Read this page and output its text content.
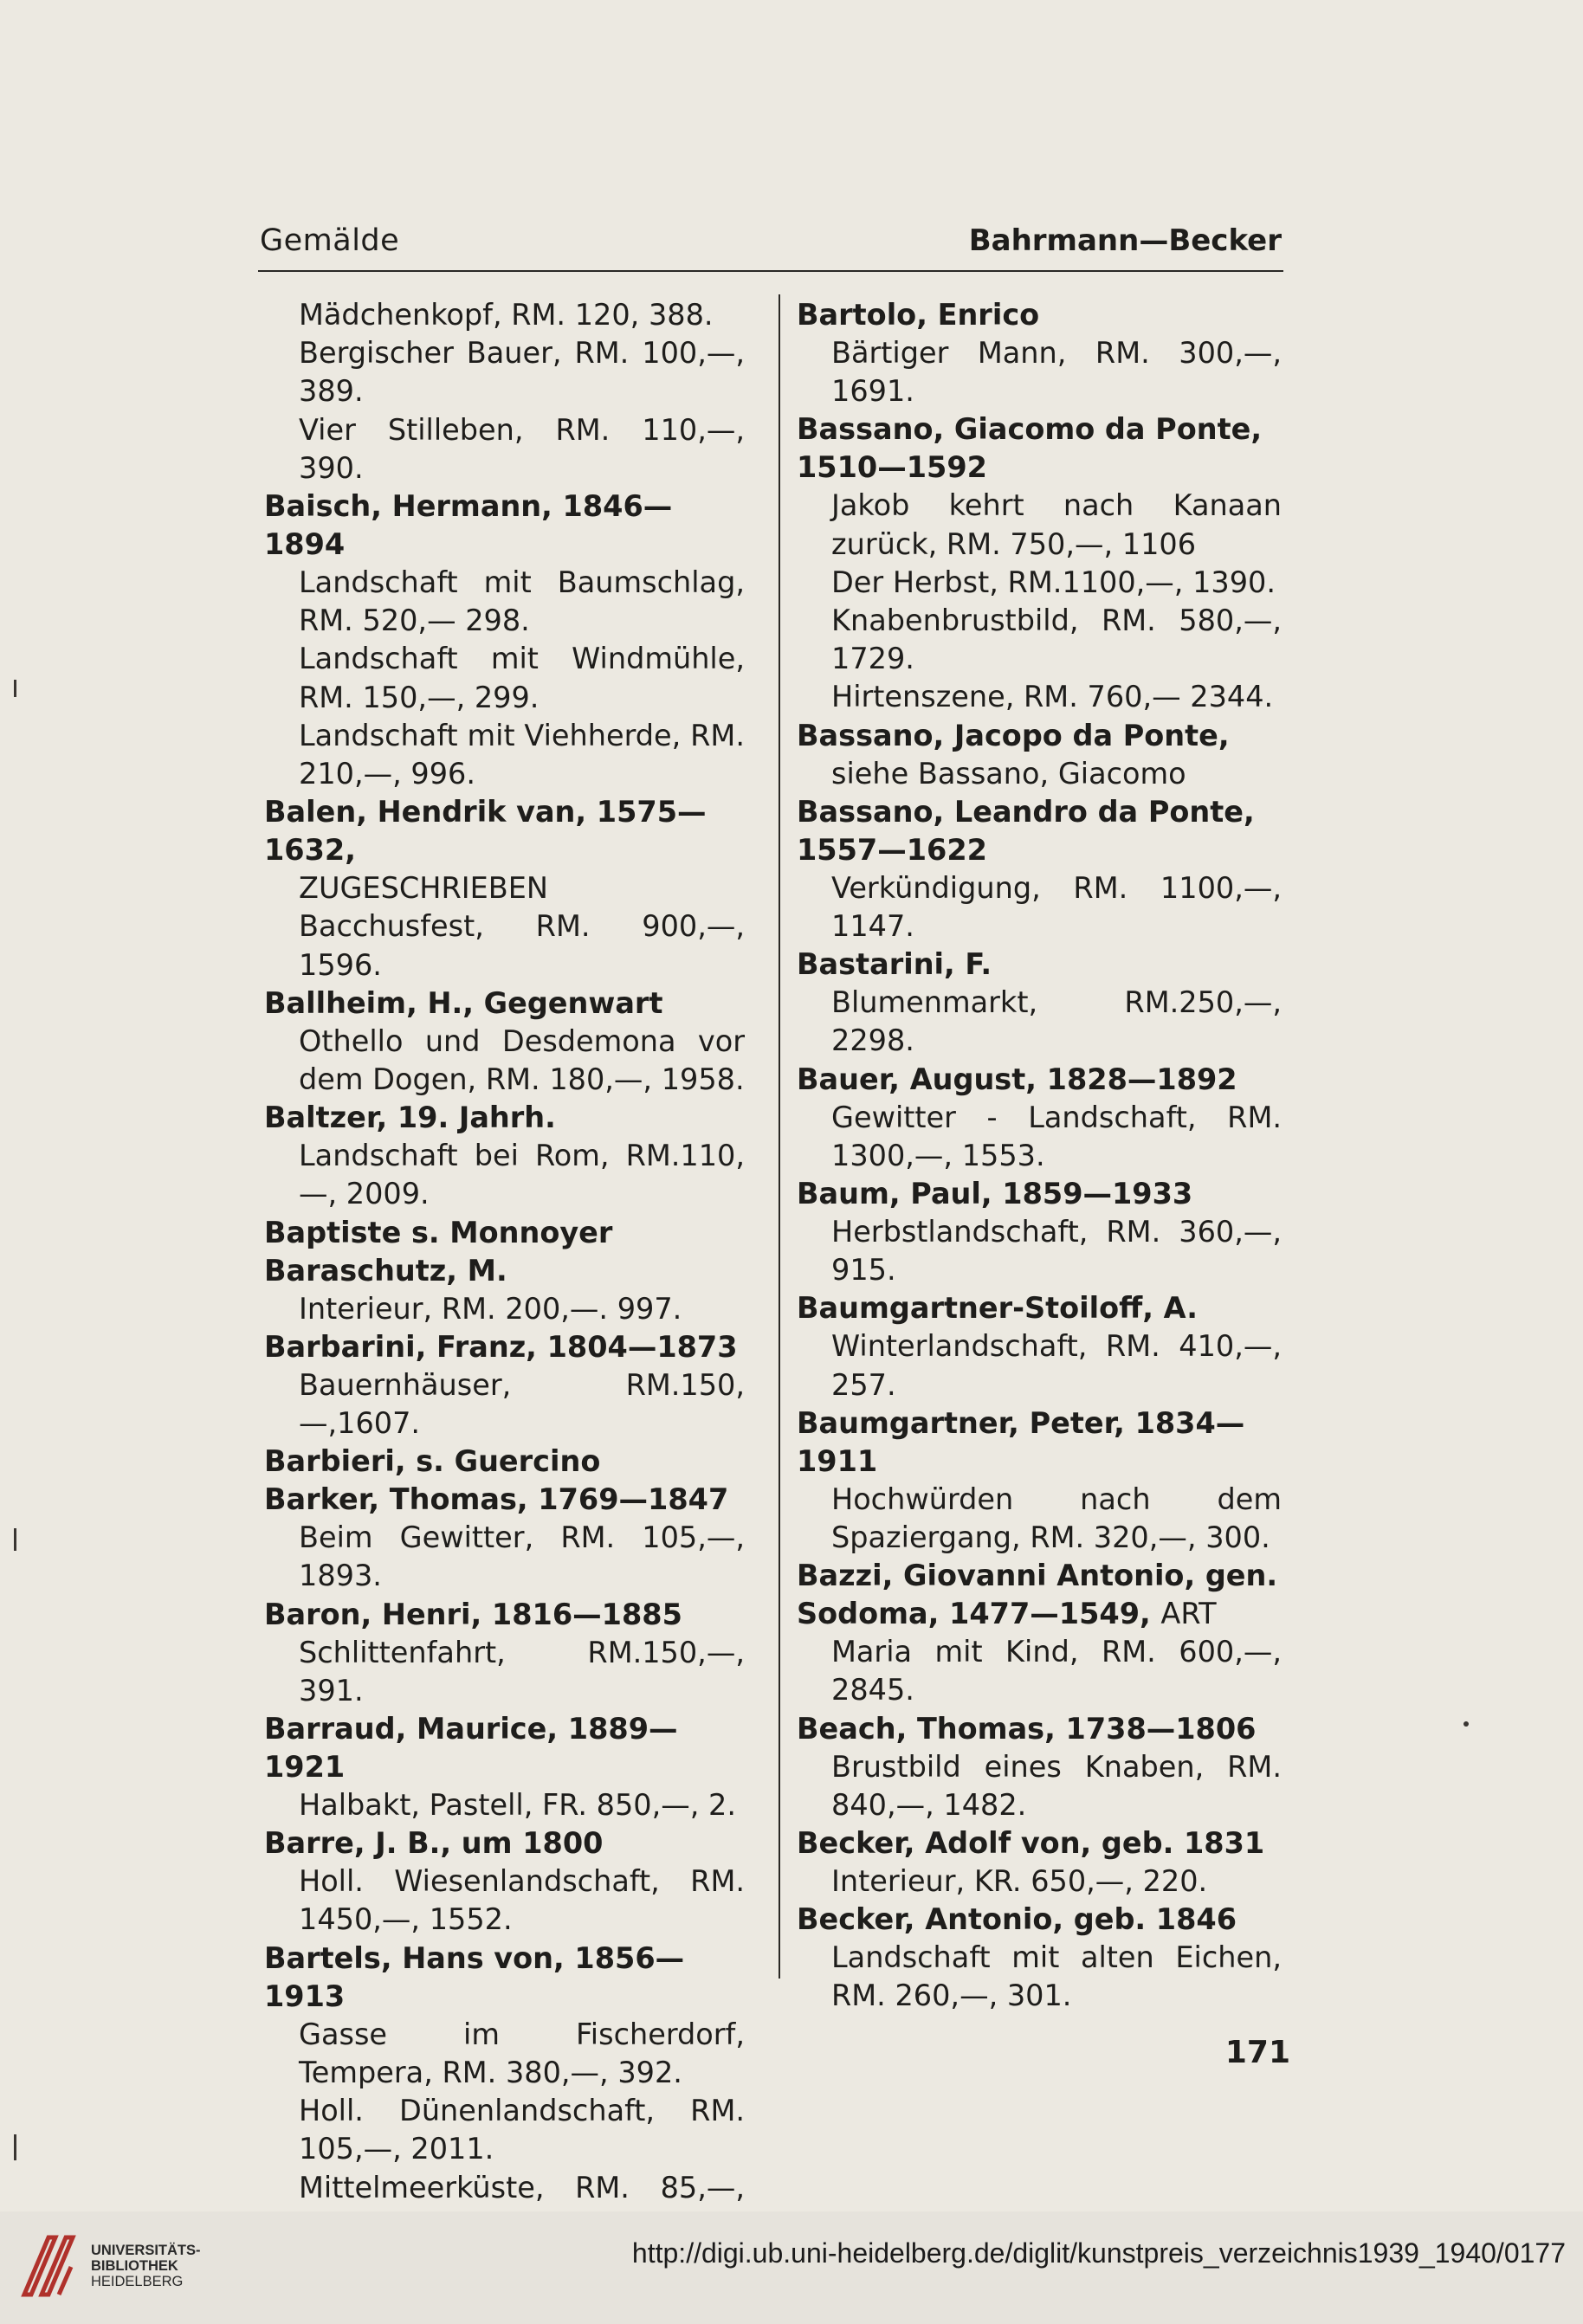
Gemälde	Bahrmann—Becker
Mädchenkopf, RM. 120, 388.
Bergischer Bauer, RM. 100,—, 389.
Vier Stilleben, RM. 110,—, 390.
Baisch, Hermann, 1846—1894
Landschaft mit Baumschlag, RM. 520,— 298.
Landschaft mit Windmühle, RM. 150,—, 299.
Landschaft mit Viehherde, RM. 210,—, 996.
Balen, Hendrik van, 1575—1632,
ZUGESCHRIEBEN
Bacchusfest, RM. 900,—, 1596.
Ballheim, H., Gegenwart
Othello und Desdemona vor dem Dogen, RM. 180,—, 1958.
Baltzer, 19. Jahrh.
Landschaft bei Rom, RM.110,—, 2009.
Baptiste s. Monnoyer
Baraschutz, M.
Interieur, RM. 200,—. 997.
Barbarini, Franz, 1804—1873
Bauernhäuser, RM.150,—,1607.
Barbieri, s. Guercino
Barker, Thomas, 1769—1847
Beim Gewitter, RM. 105,—, 1893.
Baron, Henri, 1816—1885
Schlittenfahrt, RM.150,—, 391.
Barraud, Maurice, 1889—1921
Halbakt, Pastell, FR. 850,—, 2.
Barre, J. B., um 1800
Holl. Wiesenlandschaft, RM. 1450,—, 1552.
Bartels, Hans von, 1856—1913
Gasse im Fischerdorf, Tempera, RM. 380,—, 392.
Holl. Dünenlandschaft, RM. 105,—, 2011.
Mittelmeerküste, RM. 85,—,
Bartolo, Enrico
Bärtiger Mann, RM. 300,—, 1691.
Bassano, Giacomo da Ponte, 1510—1592
Jakob kehrt nach Kanaan zurück, RM. 750,—, 1106
Der Herbst, RM.1100,—, 1390.
Knabenbrustbild, RM. 580,—, 1729.
Hirtenszene, RM. 760,— 2344.
Bassano, Jacopo da Ponte,
siehe Bassano, Giacomo
Bassano, Leandro da Ponte, 1557—1622
Verkündigung, RM. 1100,—, 1147.
Bastarini, F.
Blumenmarkt, RM.250,—, 2298.
Bauer, August, 1828—1892
Gewitter - Landschaft, RM. 1300,—, 1553.
Baum, Paul, 1859—1933
Herbstlandschaft, RM. 360,—, 915.
Baumgartner-Stoiloff, A.
Winterlandschaft, RM. 410,—, 257.
Baumgartner, Peter, 1834—1911
Hochwürden nach dem Spaziergang, RM. 320,—, 300.
Bazzi, Giovanni Antonio, gen. Sodoma, 1477—1549, ART
Maria mit Kind, RM. 600,—, 2845.
Beach, Thomas, 1738—1806
Brustbild eines Knaben, RM. 840,—, 1482.
Becker, Adolf von, geb. 1831
Interieur, KR. 650,—, 220.
Becker, Antonio, geb. 1846
Landschaft mit alten Eichen, RM. 260,—, 301.
171
UNIVERSITÄTS-
BIBLIOTHEK
HEIDELBERG
http://digi.ub.uni-heidelberg.de/diglit/kunstpreis_verzeichnis1939_1940/0177
